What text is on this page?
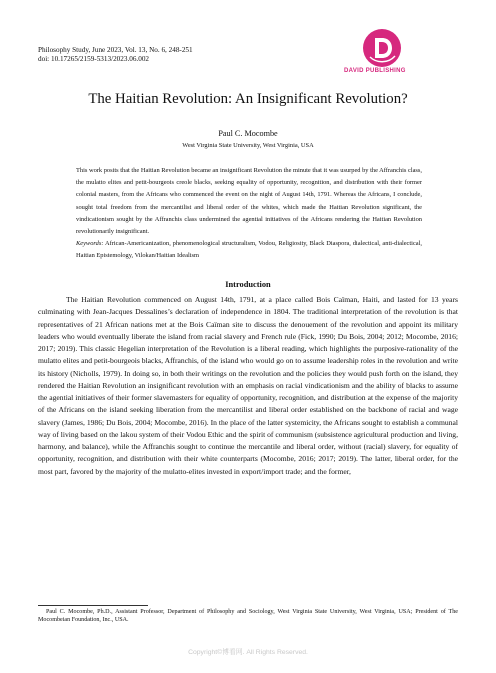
Philosophy Study, June 2023, Vol. 13, No. 6, 248-251
doi: 10.17265/2159-5313/2023.06.002
DAVID PUBLISHING
The Haitian Revolution: An Insignificant Revolution?
Paul C. Mocombe
West Virginia State University, West Virginia, USA

This work posits that the Haitian Revolution became an insignificant Revolution the minute that it was usurped by the Affranchis class, the mulatto elites and petit-bourgeois creole blacks, seeking equality of opportunity, recognition, and distribution with their former colonial masters, from the Africans who commenced the event on the night of August 14th, 1791. Whereas the Africans, I conclude, sought total freedom from the mercantilist and liberal order of the whites, which made the Haitian Revolution significant, the vindicationism sought by the Affranchis class undermined the agential initiatives of the Africans rendering the Haitian Revolution revolutionarily insignificant.

Keywords: African-Americanization, phenomenological structuralism, Vodou, Religiosity, Black Diaspora, dialectical, anti-dialectical, Haitian Epistemology, Vilokan/Haitian Idealism

Introduction

The Haitian Revolution commenced on August 14th, 1791, at a place called Bois Caïman, Haiti, and lasted for 13 years culminating with Jean-Jacques Dessalines’s declaration of independence in 1804. The traditional interpretation of the revolution is that representatives of 21 African nations met at the Bois Caïman site to discuss the denouement of the revolution and appoint its military leaders who would eventually liberate the island from racial slavery and French rule (Fick, 1990; Du Bois, 2004; 2012; Mocombe, 2016; 2017; 2019). This classic Hegelian interpretation of the Revolution is a liberal reading, which highlights the purposive-rationality of the mulatto elites and petit-bourgeois blacks, Affranchis, of the island who would go on to assume leadership roles in the revolution and write its history (Nicholls, 1979). In doing so, in both their writings on the revolution and the policies they would push forth on the island, they rendered the Haitian Revolution an insignificant revolution with an emphasis on racial vindicationism and the ability of blacks to assume the agential initiatives of their former slavemasters for equality of opportunity, recognition, and distribution at the expense of the majority of the Africans on the island seeking liberation from the mercantilist and liberal order established on the backbone of racial and wage slavery (James, 1986; Du Bois, 2004; Mocombe, 2016). In the place of the latter systemicity, the Africans sought to establish a communal way of living based on the lakou system of their Vodou Ethic and the spirit of communism (subsistence agricultural production and living, harmony, and balance), while the Affranchis sought to continue the mercantile and liberal order, without (racial) slavery, for equality of opportunity, recognition, and distribution with their white counterparts (Mocombe, 2016; 2017; 2019). The latter, liberal order, for the most part, favored by the majority of the mulatto-elites invested in export/import trade; and the former,

Paul C. Mocombe, Ph.D., Assistant Professor, Department of Philosophy and Sociology, West Virginia State University, West Virginia, USA; President of The Mocombeian Foundation, Inc., USA.

Copyright©博看网. All Rights Reserved.
